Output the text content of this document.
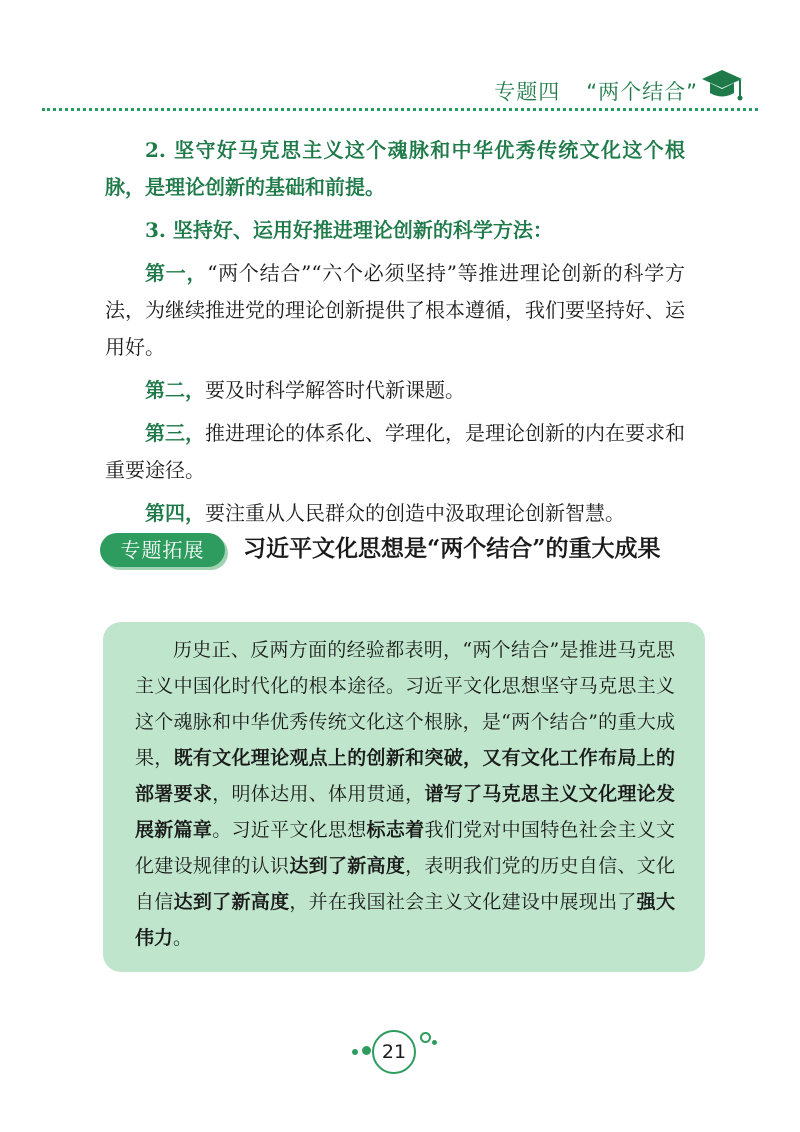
专题四 “两个结合”

2. 坚守好马克思主义这个魂脉和中华优秀传统文化这个根脉，是理论创新的基础和前提。

3. 坚持好、运用好推进理论创新的科学方法：

第一，“两个结合”“六个必须坚持”等推进理论创新的科学方法，为继续推进党的理论创新提供了根本遵循，我们要坚持好、运用好。

第二，要及时科学解答时代新课题。

第三，推进理论的体系化、学理化，是理论创新的内在要求和重要途径。

第四，要注重从人民群众的创造中汲取理论创新智慧。

专题拓展	习近平文化思想是“两个结合”的重大成果

历史正、反两方面的经验都表明，“两个结合”是推进马克思主义中国化时代化的根本途径。习近平文化思想坚守马克思主义这个魂脉和中华优秀传统文化这个根脉，是“两个结合”的重大成果，既有文化理论观点上的创新和突破，又有文化工作布局上的部署要求，明体达用、体用贯通，谱写了马克思主义文化理论发展新篇章。习近平文化思想标志着我们党对中国特色社会主义文化建设规律的认识达到了新高度，表明我们党的历史自信、文化自信达到了新高度，并在我国社会主义文化建设中展现出了强大伟力。

21
